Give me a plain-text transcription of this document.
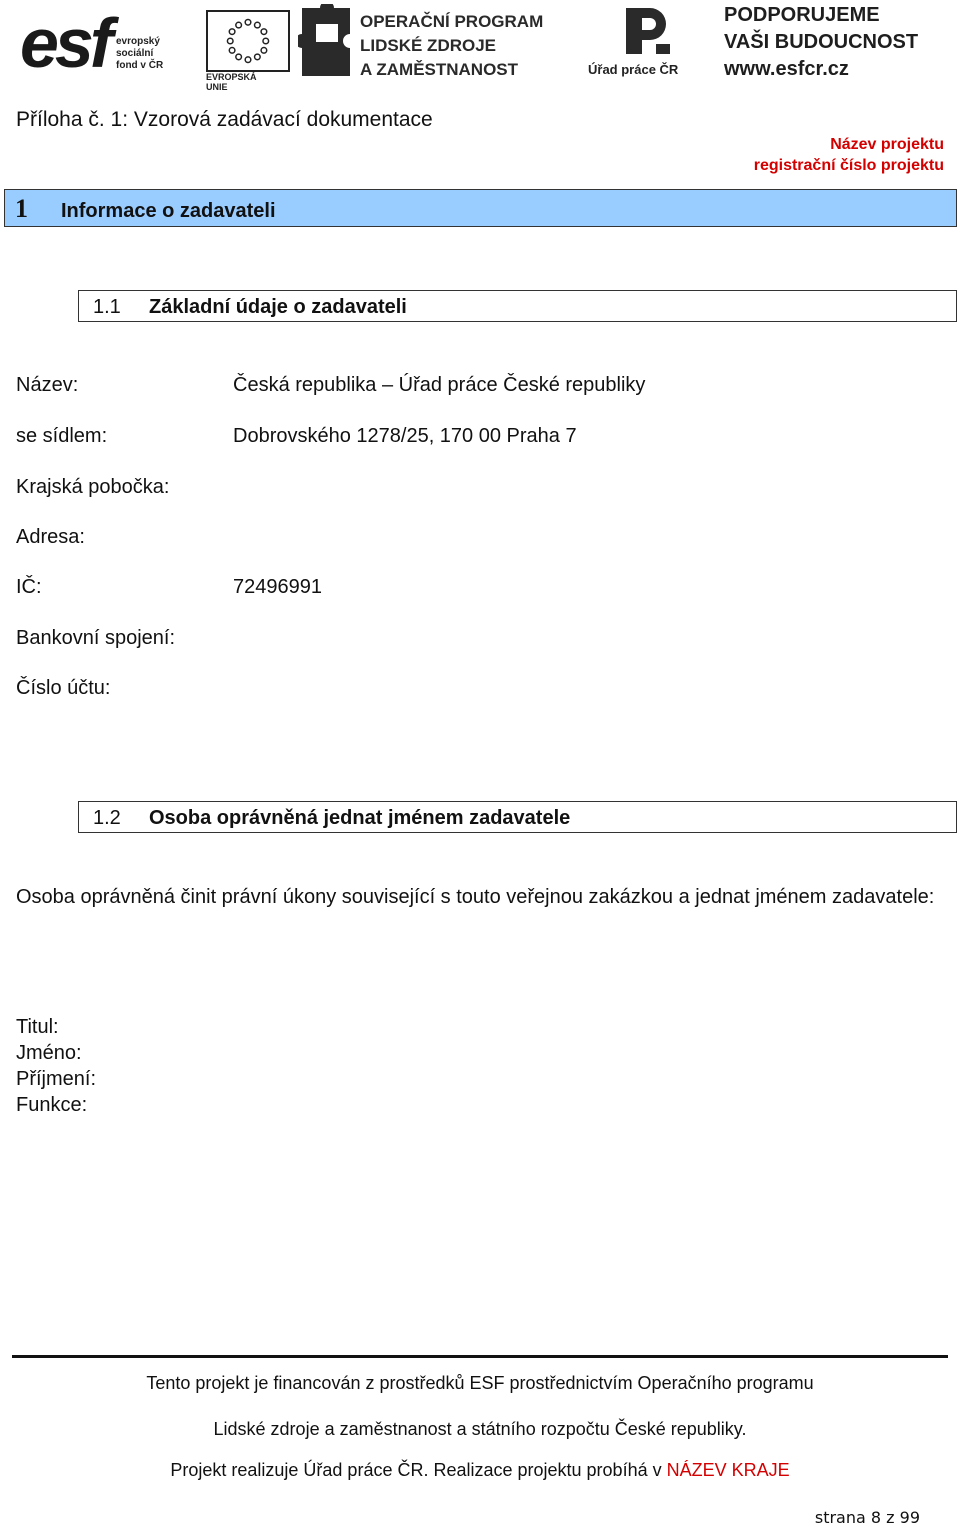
esf evropský
sociální
fond v ČR
EVROPSKÁ UNIE
OPERAČNÍ PROGRAM
LIDSKÉ ZDROJE
A ZAMĚSTNANOST	Úřad práce ČR
PODPORUJEME
VAŠI BUDOUCNOST
www.esfcr.cz
Příloha č. 1: Vzorová zadávací dokumentace
Název projektu
registrační číslo projektu
1 Informace o zadavateli
1.1 Základní údaje o zadavateli
Název:	Česká republika – Úřad práce České republiky
se sídlem:	Dobrovského 1278/25, 170 00 Praha 7
Krajská pobočka:
Adresa:
IČ:	72496991
Bankovní spojení:
Číslo účtu:
1.2 Osoba oprávněná jednat jménem zadavatele
Osoba oprávněná činit právní úkony související s touto veřejnou zakázkou a jednat jménem zadavatele:
Titul:
Jméno:
Příjmení:
Funkce:
Tento projekt je financován z prostředků ESF prostřednictvím Operačního programu
Lidské zdroje a zaměstnanost a státního rozpočtu České republiky.
Projekt realizuje Úřad práce ČR. Realizace projektu probíhá v NÁZEV KRAJE
strana 8 z 99
